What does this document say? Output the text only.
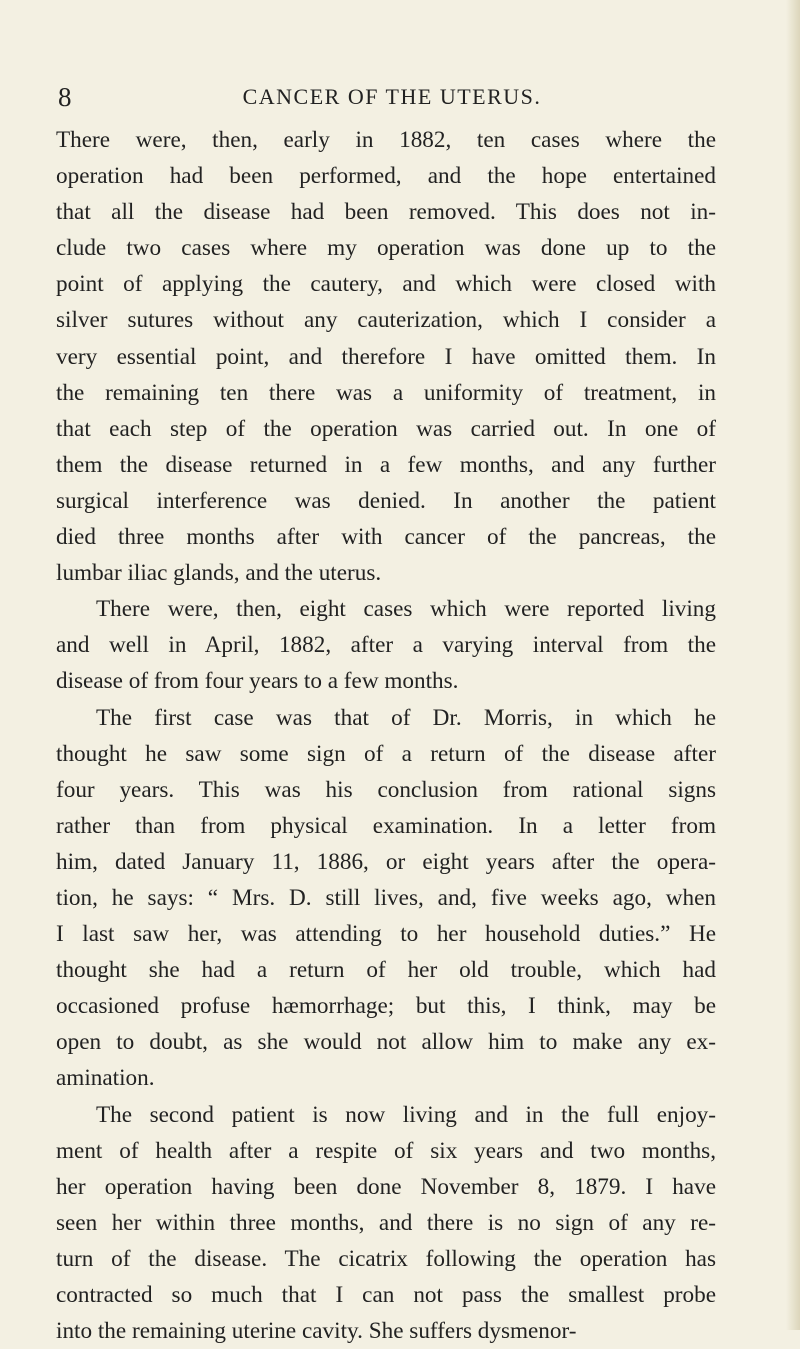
8	CANCER OF THE UTERUS.
There were, then, early in 1882, ten cases where the
operation had been performed, and the hope entertained
that all the disease had been removed. This does not in-
clude two cases where my operation was done up to the
point of applying the cautery, and which were closed with
silver sutures without any cauterization, which I consider a
very essential point, and therefore I have omitted them. In
the remaining ten there was a uniformity of treatment, in
that each step of the operation was carried out. In one of
them the disease returned in a few months, and any further
surgical interference was denied. In another the patient
died three months after with cancer of the pancreas, the
lumbar iliac glands, and the uterus.
There were, then, eight cases which were reported living
and well in April, 1882, after a varying interval from the
disease of from four years to a few months.
The first case was that of Dr. Morris, in which he
thought he saw some sign of a return of the disease after
four years. This was his conclusion from rational signs
rather than from physical examination. In a letter from
him, dated January 11, 1886, or eight years after the opera-
tion, he says: “ Mrs. D. still lives, and, five weeks ago, when
I last saw her, was attending to her household duties.” He
thought she had a return of her old trouble, which had
occasioned profuse hæmorrhage; but this, I think, may be
open to doubt, as she would not allow him to make any ex-
amination.
The second patient is now living and in the full enjoy-
ment of health after a respite of six years and two months,
her operation having been done November 8, 1879. I have
seen her within three months, and there is no sign of any re-
turn of the disease. The cicatrix following the operation has
contracted so much that I can not pass the smallest probe
into the remaining uterine cavity. She suffers dysmenor-
